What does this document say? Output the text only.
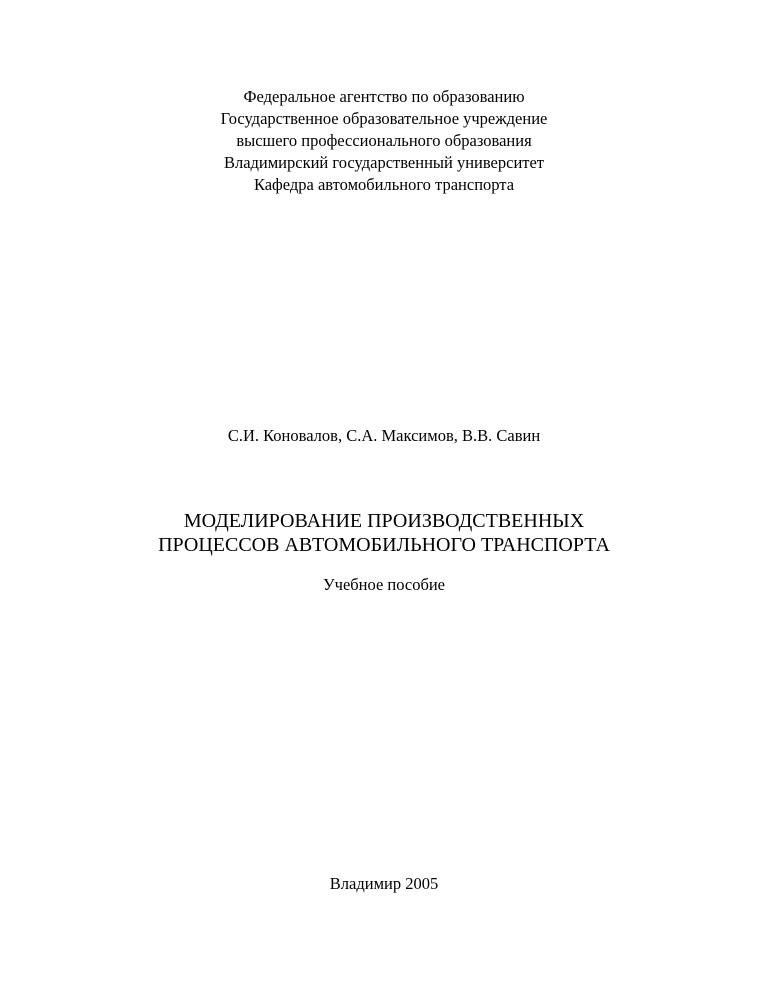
Федеральное агентство по образованию
Государственное образовательное учреждение
высшего профессионального образования
Владимирский государственный университет
Кафедра автомобильного транспорта
С.И. Коновалов, С.А. Максимов, В.В. Савин
МОДЕЛИРОВАНИЕ ПРОИЗВОДСТВЕННЫХ
ПРОЦЕССОВ АВТОМОБИЛЬНОГО ТРАНСПОРТА
Учебное пособие
Владимир 2005
